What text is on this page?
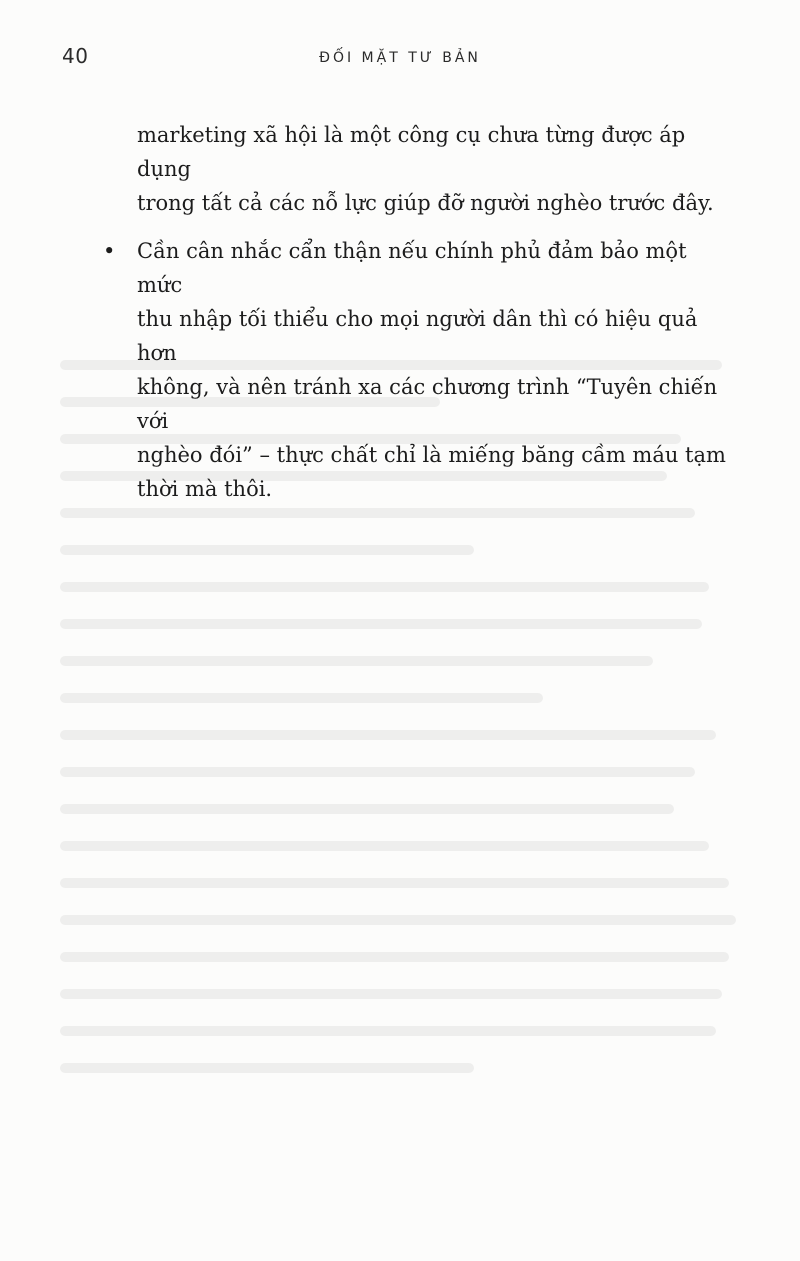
40	ĐỐI MẶT TƯ BẢN

marketing xã hội là một công cụ chưa từng được áp dụng
trong tất cả các nỗ lực giúp đỡ người nghèo trước đây.

• Cần cân nhắc cẩn thận nếu chính phủ đảm bảo một mức
thu nhập tối thiểu cho mọi người dân thì có hiệu quả hơn
không, và nên tránh xa các chương trình “Tuyên chiến với
nghèo đói” – thực chất chỉ là miếng băng cầm máu tạm
thời mà thôi.
